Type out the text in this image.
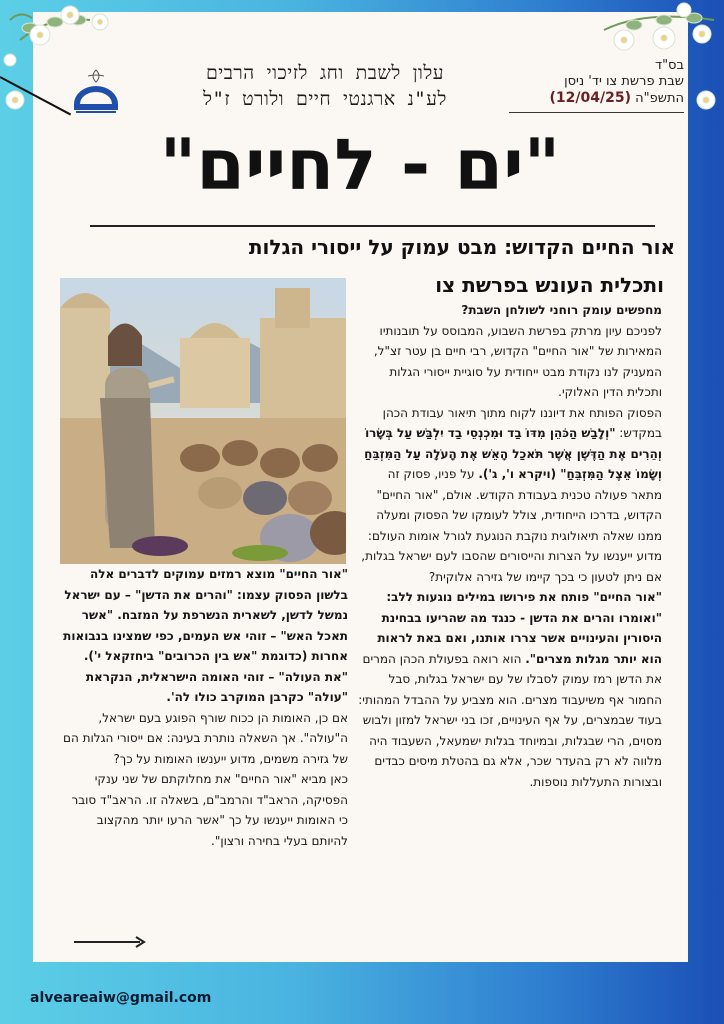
עלון לשבת וחג לזיכוי הרבים
לע"נ ארגנטי חיים ולורט ז"ל
בס"ד
שבת פרשת צו יד' ניסן
התשפ"ה (12/04/25)
"ים - לחיים"
אור החיים הקדוש: מבט עמוק על ייסורי הגלות
ותכלית העונש בפרשת צו

מחפשים עומק רוחני לשולחן השבת?

לפניכם עיון מרתק בפרשת השבוע, המבוסס על תובנותיו המאירות של "אור החיים" הקדוש, רבי חיים בן עטר זצ"ל, המעניק לנו נקודת מבט ייחודית על סוגיית ייסורי הגלות ותכלית הדין האלוקי.

הפסוק הפותח את דיוננו לקוח מתוך תיאור עבודת הכהן במקדש: "וְלָבַשׁ הַכֹּהֵן מִדּוֹ בַד וּמִכְנְסֵי בַד יִלְבַּשׁ עַל בְּשָׂרוֹ וְהֵרִים אֶת הַדֶּשֶׁן אֲשֶׁר תֹּאכַל הָאֵשׁ אֶת הָעֹלָה עַל הַמִּזְבֵּחַ וְשָׂמוֹ אֵצֶל הַמִּזְבֵּחַ" (ויקרא ו', ג'). על פניו, פסוק זה מתאר פעולה טכנית בעבודת הקודש. אולם, "אור החיים" הקדוש, בדרכו הייחודית, צולל לעומקו של הפסוק ומעלה ממנו שאלה תיאולוגית נוקבת הנוגעת לגורל אומות העולם: מדוע ייענשו על הצרות והייסורים שהסבו לעם ישראל בגלות, אם ניתן לטעון כי בכך קיימו של גזירה אלוקית?

"אור החיים" פותח את פירושו במילים נוגעות ללב: "ואומרו והרים את הדשן - כנגד מה שהריעו בבחינת היסורין והעינויים אשר צררו אותנו, ואם באת לראות הוא יותר מגלות מצרים". הוא רואה בפעולת הכהן המרים את הדשן רמז עמוק לסבלו של עם ישראל בגלות, סבל החמור אף משיעבוד מצרים. הוא מצביע על ההבדל המהותי: בעוד שבמצרים, על אף העינויים, זכו בני ישראל למזון ולבוש מסוים, הרי שבגלות, ובמיוחד בגלות ישמעאל, השעבוד היה מלווה לא רק בהעדר שכר, אלא גם בהטלת מיסים כבדים ובצורות התעללות נוספות.

"אור החיים" מוצא רמזים עמוקים לדברים אלה בלשון הפסוק עצמו: "והרים את הדשן" – עם ישראל נמשל לדשן, לשארית הנשרפת על המזבח. "אשר תאכל האש" – זוהי אש העמים, כפי שמצינו בנבואות אחרות (כדוגמת "אש בין הכרובים" ביחזקאל י'). "את העולה" – זוהי האומה הישראלית, הנקראת "עולה" כקרבן המוקרב כולו לה'.

אם כן, האומות הן ככוח שורף הפוגע בעם ישראל, ה"עולה". אך השאלה נותרת בעינה: אם ייסורי הגלות הם של גזירה משמים, מדוע ייענשו האומות על כך?

כאן מביא "אור החיים" את מחלוקתם של שני ענקי הפסיקה, הראב"ד והרמב"ם, בשאלה זו. הראב"ד סובר כי האומות ייענשו על כך "אשר הרעו יותר מהקצוב להיותם בעלי בחירה ורצון".

alveareaiw@gmail.com
